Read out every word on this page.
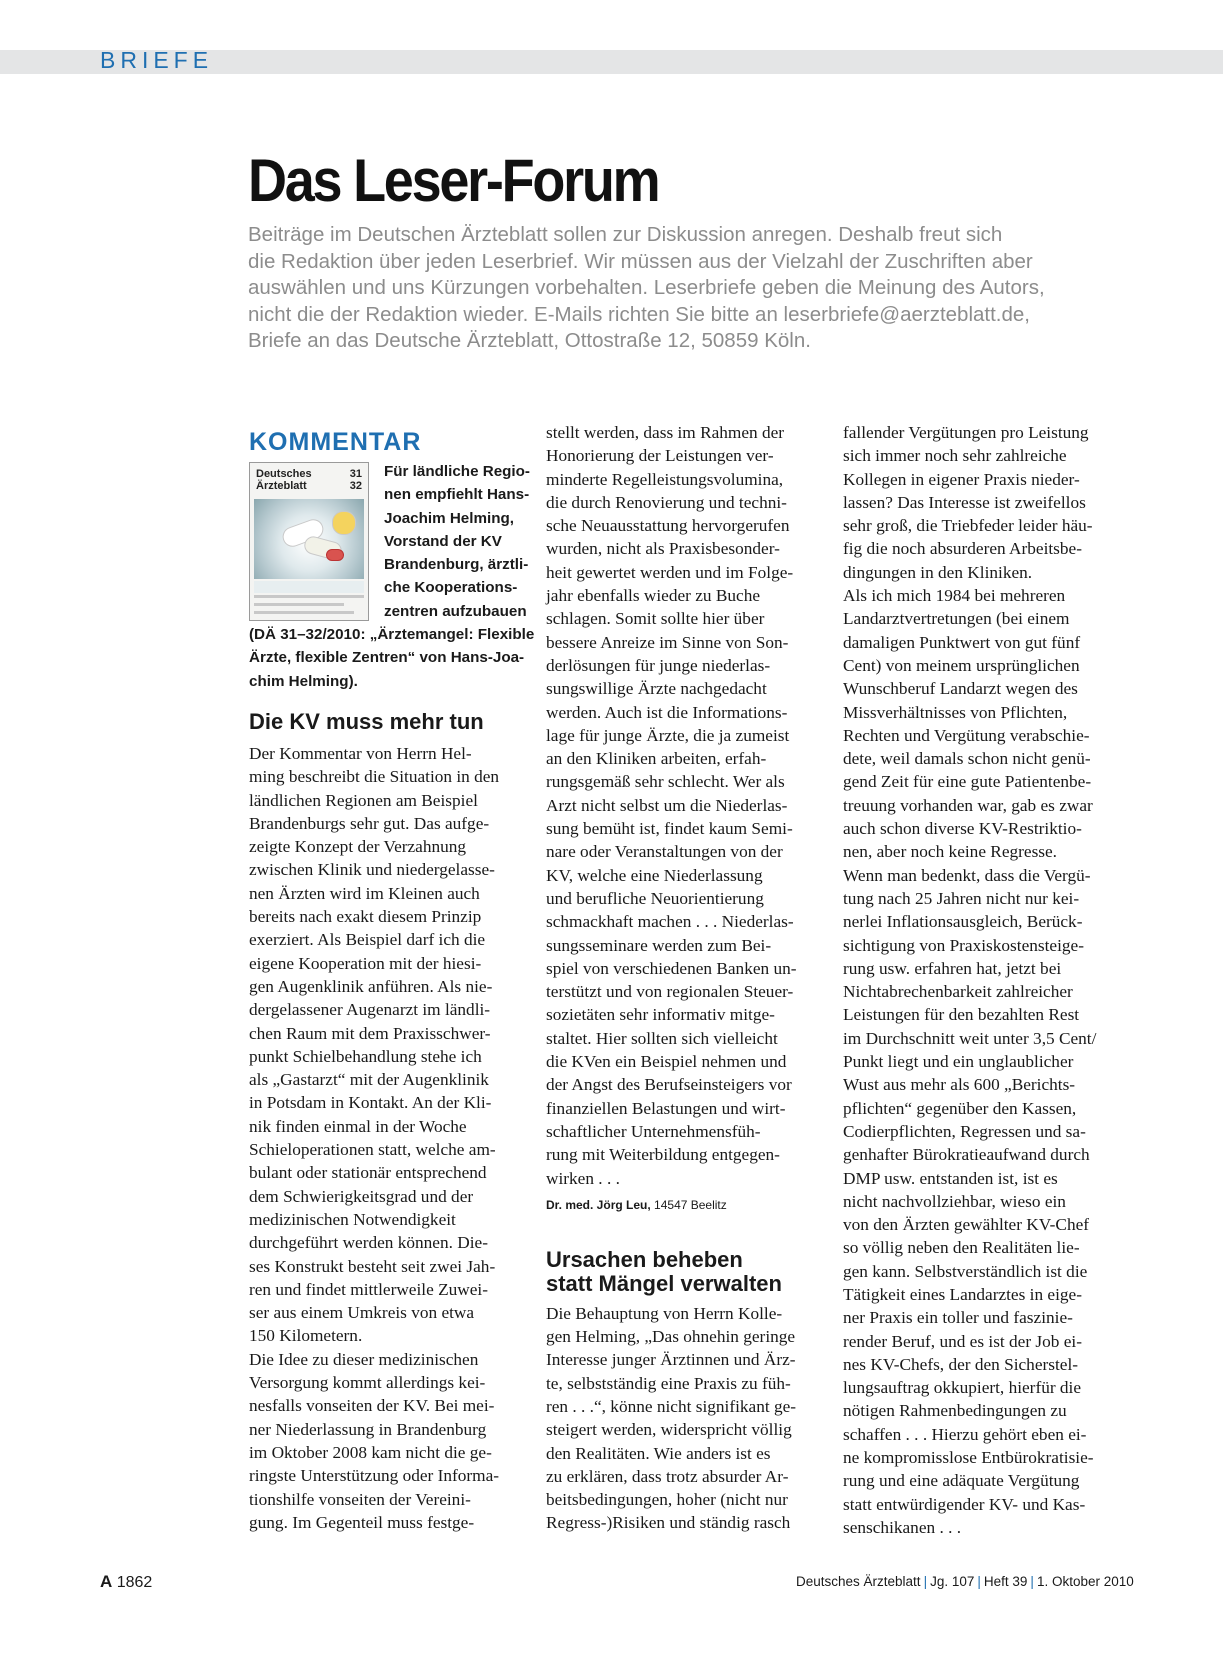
BRIEFE
Das Leser-Forum

Beiträge im Deutschen Ärzteblatt sollen zur Diskussion anregen. Deshalb freut sich

die Redaktion über jeden Leserbrief. Wir müssen aus der Vielzahl der Zuschriften aber

auswählen und uns Kürzungen vorbehalten. Leserbriefe geben die Meinung des Autors,

nicht die der Redaktion wieder. E-Mails richten Sie bitte an leserbriefe@aerzteblatt.de,

Briefe an das Deutsche Ärzteblatt, Ottostraße 12, 50859 Köln.

KOMMENTAR
Deutsches
Ärzteblatt
31
32

Für ländliche Regio-

nen empfiehlt Hans-

Joachim Helming,

Vorstand der KV

Brandenburg, ärztli-

che Kooperations-

zentren aufzubauen

(DÄ 31–32/2010: „Ärztemangel: Flexible

Ärzte, flexible Zentren“ von Hans-Joa-

chim Helming).

Die KV muss mehr tun

Der Kommentar von Herrn Hel-

ming beschreibt die Situation in den

ländlichen Regionen am Beispiel

Brandenburgs sehr gut. Das aufge-

zeigte Konzept der Verzahnung

zwischen Klinik und niedergelasse-

nen Ärzten wird im Kleinen auch

bereits nach exakt diesem Prinzip

exerziert. Als Beispiel darf ich die

eigene Kooperation mit der hiesi-

gen Augenklinik anführen. Als nie-

dergelassener Augenarzt im ländli-

chen Raum mit dem Praxisschwer-

punkt Schielbehandlung stehe ich

als „Gastarzt“ mit der Augenklinik

in Potsdam in Kontakt. An der Kli-

nik finden einmal in der Woche

Schieloperationen statt, welche am-

bulant oder stationär entsprechend

dem Schwierigkeitsgrad und der

medizinischen Notwendigkeit

durchgeführt werden können. Die-

ses Konstrukt besteht seit zwei Jah-

ren und findet mittlerweile Zuwei-

ser aus einem Umkreis von etwa

150 Kilometern.

Die Idee zu dieser medizinischen

Versorgung kommt allerdings kei-

nesfalls vonseiten der KV. Bei mei-

ner Niederlassung in Brandenburg

im Oktober 2008 kam nicht die ge-

ringste Unterstützung oder Informa-

tionshilfe vonseiten der Vereini-

gung. Im Gegenteil muss festge-

stellt werden, dass im Rahmen der

Honorierung der Leistungen ver-

minderte Regelleistungsvolumina,

die durch Renovierung und techni-

sche Neuausstattung hervorgerufen

wurden, nicht als Praxisbesonder-

heit gewertet werden und im Folge-

jahr ebenfalls wieder zu Buche

schlagen. Somit sollte hier über

bessere Anreize im Sinne von Son-

derlösungen für junge niederlas-

sungswillige Ärzte nachgedacht

werden. Auch ist die Informations-

lage für junge Ärzte, die ja zumeist

an den Kliniken arbeiten, erfah-

rungsgemäß sehr schlecht. Wer als

Arzt nicht selbst um die Niederlas-

sung bemüht ist, findet kaum Semi-

nare oder Veranstaltungen von der

KV, welche eine Niederlassung

und berufliche Neuorientierung

schmackhaft machen . . . Niederlas-

sungsseminare werden zum Bei-

spiel von verschiedenen Banken un-

terstützt und von regionalen Steuer-

sozietäten sehr informativ mitge-

staltet. Hier sollten sich vielleicht

die KVen ein Beispiel nehmen und

der Angst des Berufseinsteigers vor

finanziellen Belastungen und wirt-

schaftlicher Unternehmensfüh-

rung mit Weiterbildung entgegen-

wirken . . .

Dr. med. Jörg Leu, 14547 Beelitz

Ursachen beheben
statt Mängel verwalten

Die Behauptung von Herrn Kolle-

gen Helming, „Das ohnehin geringe

Interesse junger Ärztinnen und Ärz-

te, selbstständig eine Praxis zu füh-

ren . . .“, könne nicht signifikant ge-

steigert werden, widerspricht völlig

den Realitäten. Wie anders ist es

zu erklären, dass trotz absurder Ar-

beitsbedingungen, hoher (nicht nur

Regress-)Risiken und ständig rasch

fallender Vergütungen pro Leistung

sich immer noch sehr zahlreiche

Kollegen in eigener Praxis nieder-

lassen? Das Interesse ist zweifellos

sehr groß, die Triebfeder leider häu-

fig die noch absurderen Arbeitsbe-

dingungen in den Kliniken.

Als ich mich 1984 bei mehreren

Landarztvertretungen (bei einem

damaligen Punktwert von gut fünf

Cent) von meinem ursprünglichen

Wunschberuf Landarzt wegen des

Missverhältnisses von Pflichten,

Rechten und Vergütung verabschie-

dete, weil damals schon nicht genü-

gend Zeit für eine gute Patientenbe-

treuung vorhanden war, gab es zwar

auch schon diverse KV-Restriktio-

nen, aber noch keine Regresse.

Wenn man bedenkt, dass die Vergü-

tung nach 25 Jahren nicht nur kei-

nerlei Inflationsausgleich, Berück-

sichtigung von Praxiskostensteige-

rung usw. erfahren hat, jetzt bei

Nichtabrechenbarkeit zahlreicher

Leistungen für den bezahlten Rest

im Durchschnitt weit unter 3,5 Cent/

Punkt liegt und ein unglaublicher

Wust aus mehr als 600 „Berichts-

pflichten“ gegenüber den Kassen,

Codierpflichten, Regressen und sa-

genhafter Bürokratieaufwand durch

DMP usw. entstanden ist, ist es

nicht nachvollziehbar, wieso ein

von den Ärzten gewählter KV-Chef

so völlig neben den Realitäten lie-

gen kann. Selbstverständlich ist die

Tätigkeit eines Landarztes in eige-

ner Praxis ein toller und faszinie-

render Beruf, und es ist der Job ei-

nes KV-Chefs, der den Sicherstel-

lungsauftrag okkupiert, hierfür die

nötigen Rahmenbedingungen zu

schaffen . . . Hierzu gehört eben ei-

ne kompromisslose Entbürokratisie-

rung und eine adäquate Vergütung

statt entwürdigender KV- und Kas-

senschikanen . . .

A 1862	Deutsches Ärzteblatt | Jg. 107 | Heft 39 | 1. Oktober 2010
